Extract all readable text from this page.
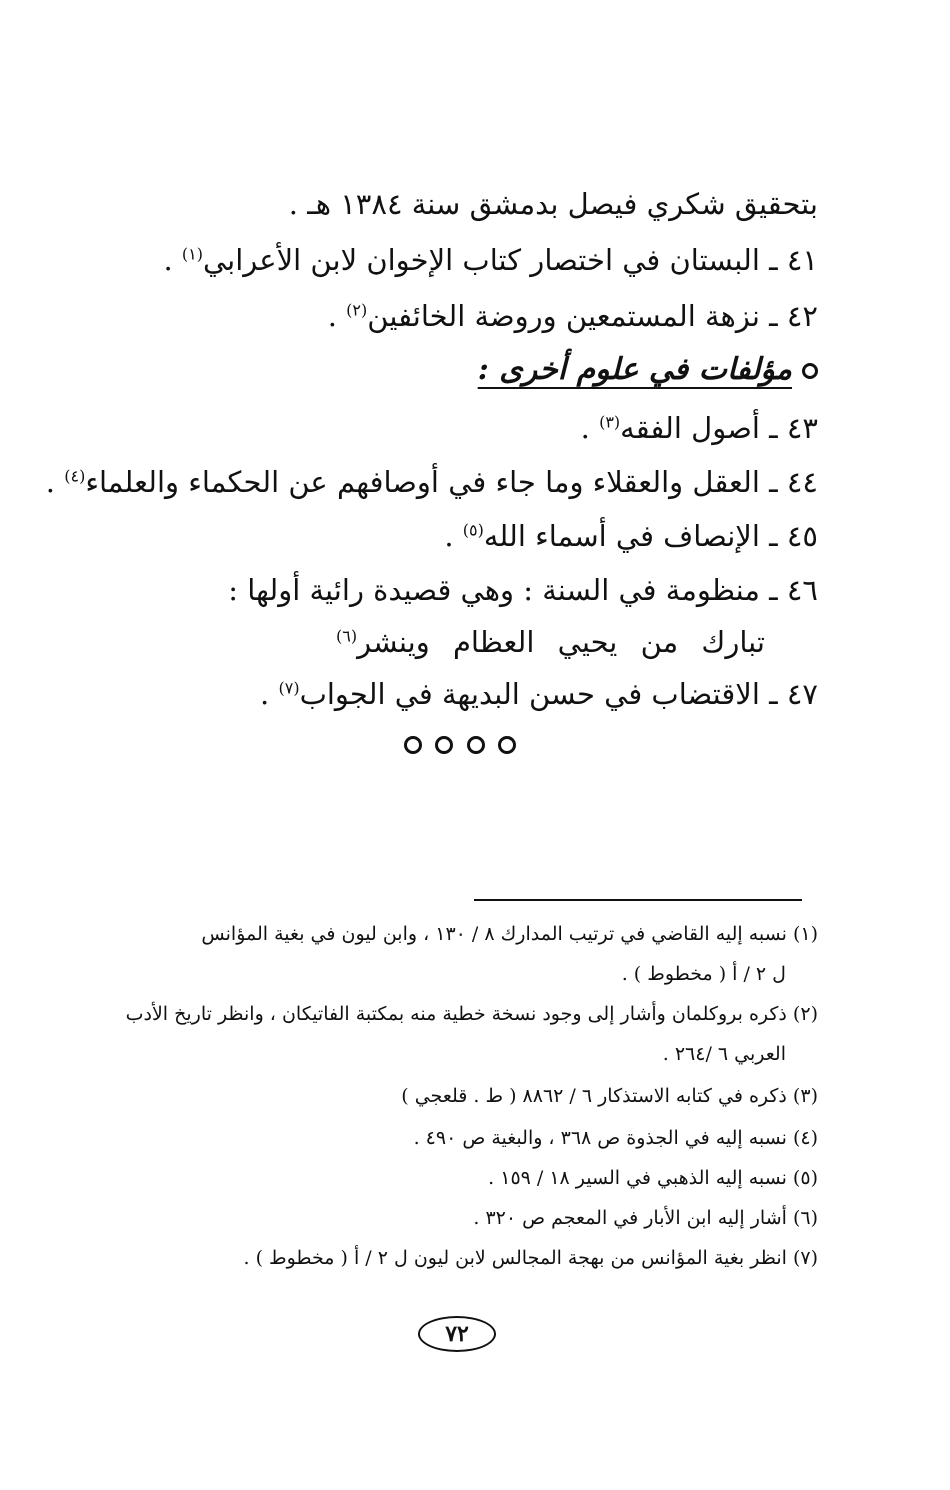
بتحقيق شكري فيصل بدمشق سنة ١٣٨٤ هـ .
٤١ ـ البستان في اختصار كتاب الإخوان لابن الأعرابي$^{(١)}$ .
٤٢ ـ نزهة المستمعين وروضة الخائفين$^{(٢)}$ .
مؤلفات في علوم أخرى :
٤٣ ـ أصول الفقه$^{(٣)}$ .
٤٤ ـ العقل والعقلاء وما جاء في أوصافهم عن الحكماء والعلماء$^{(٤)}$ .
٤٥ ـ الإنصاف في أسماء الله$^{(٥)}$ .
٤٦ ـ منظومة في السنة : وهي قصيدة رائية أولها :
تبارك من يحيي العظام وينشر$^{(٦)}$
٤٧ ـ الاقتضاب في حسن البديهة في الجواب$^{(٧)}$ .
(١) نسبه إليه القاضي في ترتيب المدارك ٨ / ١٣٠ ، وابن ليون في بغية المؤانس
ل ٢ / أ ( مخطوط ) .
(٢) ذكره بروكلمان وأشار إلى وجود نسخة خطية منه بمكتبة الفاتيكان ، وانظر تاريخ الأدب
العربي ٦ /٢٦٤ .
(٣) ذكره في كتابه الاستذكار ٦ / ٨٨٦٢ ( ط . قلعجي )
(٤) نسبه إليه في الجذوة ص ٣٦٨ ، والبغية ص ٤٩٠ .
(٥) نسبه إليه الذهبي في السير ١٨ / ١٥٩ .
(٦) أشار إليه ابن الأبار في المعجم ص ٣٢٠ .
(٧) انظر بغية المؤانس من بهجة المجالس لابن ليون ل ٢ / أ ( مخطوط ) .
٧٢
